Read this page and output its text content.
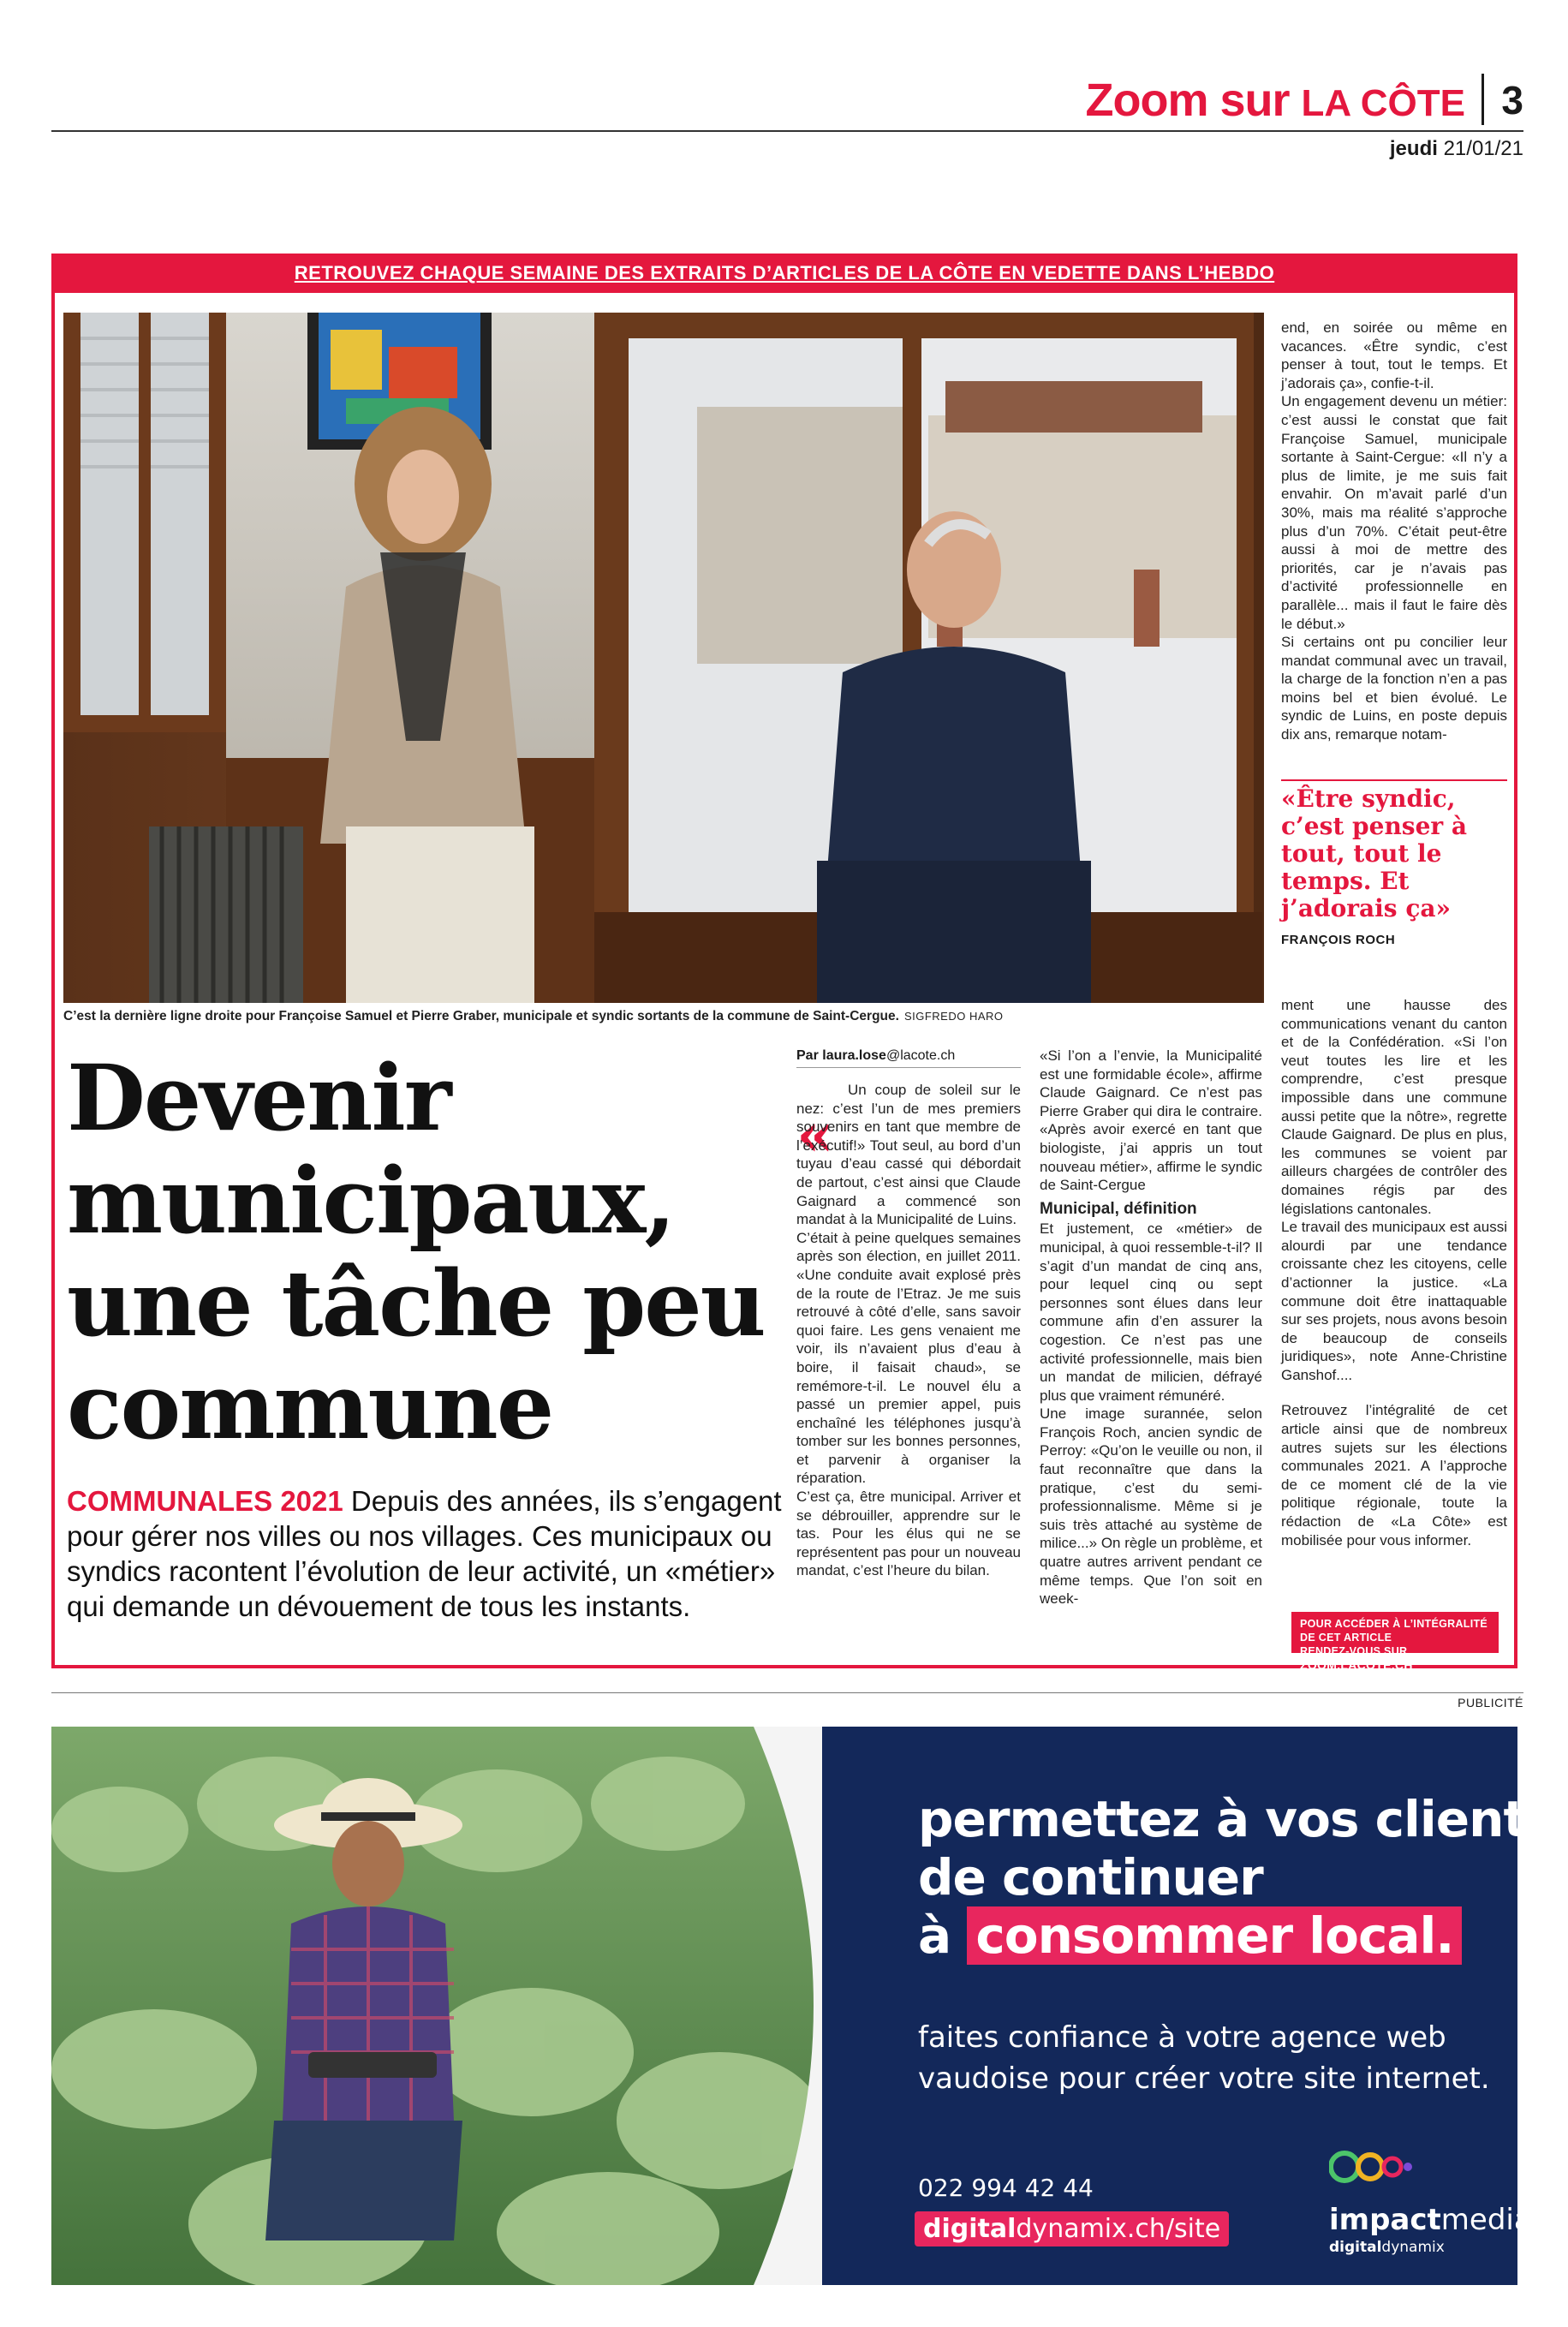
Zoom sur LA CÔTE 3
jeudi 21/01/21
RETROUVEZ CHAQUE SEMAINE DES EXTRAITS D’ARTICLES DE LA CÔTE EN VEDETTE DANS L’HEBDO
C’est la dernière ligne droite pour Françoise Samuel et Pierre Graber, municipale et syndic sortants de la commune de Saint-Cergue. SIGFREDO HARO
Devenir municipaux, une tâche peu commune
COMMUNALES 2021 Depuis des années, ils s’engagent pour gérer nos villes ou nos villages. Ces municipaux ou syndics racontent l’évolution de leur activité, un «métier» qui demande un dévouement de tous les instants.
Par laura.lose@lacote.ch
«

Un coup de soleil sur le nez: c’est l’un de mes premiers souvenirs en tant que membre de l’exécutif!» Tout seul, au bord d’un tuyau d’eau cassé qui débordait de partout, c’est ainsi que Claude Gaignard a commencé son mandat à la Municipalité de Luins.

C’était à peine quelques semaines après son élection, en juillet 2011. «Une conduite avait explosé près de la route de l’Etraz. Je me suis retrouvé à côté d’elle, sans savoir quoi faire. Les gens venaient me voir, ils n’avaient plus d’eau à boire, il faisait chaud», se remémore-t-il. Le nouvel élu a passé un premier appel, puis enchaîné les téléphones jusqu’à tomber sur les bonnes personnes, et parvenir à organiser la réparation.

C’est ça, être municipal. Arriver et se débrouiller, apprendre sur le tas. Pour les élus qui ne se représentent pas pour un nouveau mandat, c’est l’heure du bilan.

«Si l’on a l’envie, la Municipalité est une formidable école», affirme Claude Gaignard. Ce n’est pas Pierre Graber qui dira le contraire. «Après avoir exercé en tant que biologiste, j’ai appris un tout nouveau métier», affirme le syndic de Saint-Cergue

Municipal, définition

Et justement, ce «métier» de municipal, à quoi ressemble-t-il? Il s’agit d’un mandat de cinq ans, pour lequel cinq ou sept personnes sont élues dans leur commune afin d’en assurer la cogestion. Ce n’est pas une activité professionnelle, mais bien un mandat de milicien, défrayé plus que vraiment rémunéré.

Une image surannée, selon François Roch, ancien syndic de Perroy: «Qu’on le veuille ou non, il faut reconnaître que dans la pratique, c’est du semi-professionnalisme. Même si je suis très attaché au système de milice...» On règle un problème, et quatre autres arrivent pendant ce même temps. Que l’on soit en week-

end, en soirée ou même en vacances. «Être syndic, c’est penser à tout, tout le temps. Et j’adorais ça», confie-t-il.

Un engagement devenu un métier: c’est aussi le constat que fait Françoise Samuel, municipale sortante à Saint-Cergue: «Il n’y a plus de limite, je me suis fait envahir. On m’avait parlé d’un 30%, mais ma réalité s’approche plus d’un 70%. C’était peut-être aussi à moi de mettre des priorités, car je n’avais pas d’activité professionnelle en parallèle... mais il faut le faire dès le début.»

Si certains ont pu concilier leur mandat communal avec un travail, la charge de la fonction n’en a pas moins bel et bien évolué. Le syndic de Luins, en poste depuis dix ans, remarque notam-

«Être syndic, c’est penser à tout, tout le temps. Et j’adorais ça»
FRANÇOIS ROCH

ment une hausse des communications venant du canton et de la Confédération. «Si l’on veut toutes les lire et les comprendre, c’est presque impossible dans une commune aussi petite que la nôtre», regrette Claude Gaignard. De plus en plus, les communes se voient par ailleurs chargées de contrôler des domaines régis par des législations cantonales.

Le travail des municipaux est aussi alourdi par une tendance croissante chez les citoyens, celle d’actionner la justice. «La commune doit être inattaquable sur ses projets, nous avons besoin de beaucoup de conseils juridiques», note Anne-Christine Ganshof....

Retrouvez l’intégralité de cet article ainsi que de nombreux autres sujets sur les élections communales 2021. A l’approche de ce moment clé de la vie politique régionale, toute la rédaction de «La Côte» est mobilisée pour vous informer.

POUR ACCÉDER À L’INTÉGRALITÉ DE CET ARTICLE
RENDEZ-VOUS SUR ZOOM.LACOTE.CH
PUBLICITÉ
permettez à vos clients
de continuer
à consommer local.
faites confiance à votre agence web
vaudoise pour créer votre site internet.
022 994 42 44
digitaldynamix.ch/site	impactmedias
digitaldynamix
